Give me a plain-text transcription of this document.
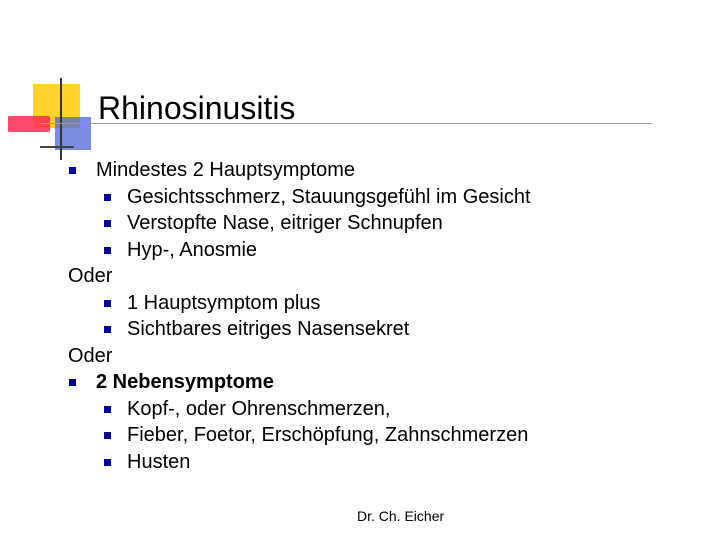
Rhinosinusitis
Mindestes 2 Hauptsymptome
Gesichtsschmerz, Stauungsgefühl im Gesicht
Verstopfte Nase, eitriger Schnupfen
Hyp-, Anosmie
Oder
1 Hauptsymptom plus
Sichtbares eitriges Nasensekret
Oder
2 Nebensymptome
Kopf-, oder Ohrenschmerzen,
Fieber, Foetor, Erschöpfung, Zahnschmerzen
Husten
Dr. Ch. Eicher
